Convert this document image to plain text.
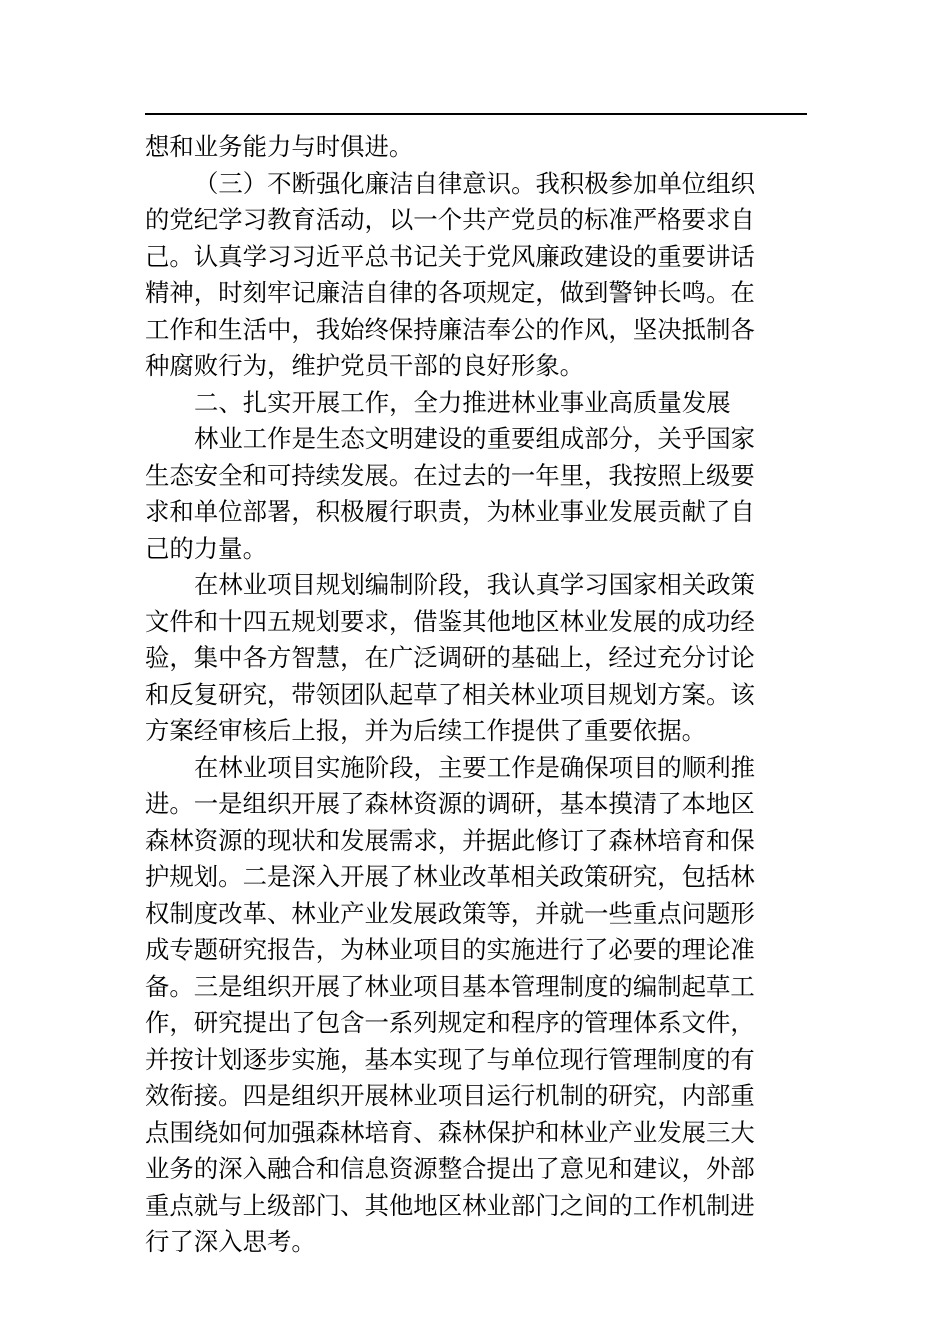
想和业务能力与时俱进。
（三）不断强化廉洁自律意识。我积极参加单位组织
的党纪学习教育活动，以一个共产党员的标准严格要求自
己。认真学习习近平总书记关于党风廉政建设的重要讲话
精神，时刻牢记廉洁自律的各项规定，做到警钟长鸣。在
工作和生活中，我始终保持廉洁奉公的作风，坚决抵制各
种腐败行为，维护党员干部的良好形象。
二、扎实开展工作，全力推进林业事业高质量发展
林业工作是生态文明建设的重要组成部分，关乎国家
生态安全和可持续发展。在过去的一年里，我按照上级要
求和单位部署，积极履行职责，为林业事业发展贡献了自
己的力量。
在林业项目规划编制阶段，我认真学习国家相关政策
文件和十四五规划要求，借鉴其他地区林业发展的成功经
验，集中各方智慧，在广泛调研的基础上，经过充分讨论
和反复研究，带领团队起草了相关林业项目规划方案。该
方案经审核后上报，并为后续工作提供了重要依据。
在林业项目实施阶段，主要工作是确保项目的顺利推
进。一是组织开展了森林资源的调研，基本摸清了本地区
森林资源的现状和发展需求，并据此修订了森林培育和保
护规划。二是深入开展了林业改革相关政策研究，包括林
权制度改革、林业产业发展政策等，并就一些重点问题形
成专题研究报告，为林业项目的实施进行了必要的理论准
备。三是组织开展了林业项目基本管理制度的编制起草工
作，研究提出了包含一系列规定和程序的管理体系文件，
并按计划逐步实施，基本实现了与单位现行管理制度的有
效衔接。四是组织开展林业项目运行机制的研究，内部重
点围绕如何加强森林培育、森林保护和林业产业发展三大
业务的深入融合和信息资源整合提出了意见和建议，外部
重点就与上级部门、其他地区林业部门之间的工作机制进
行了深入思考。
